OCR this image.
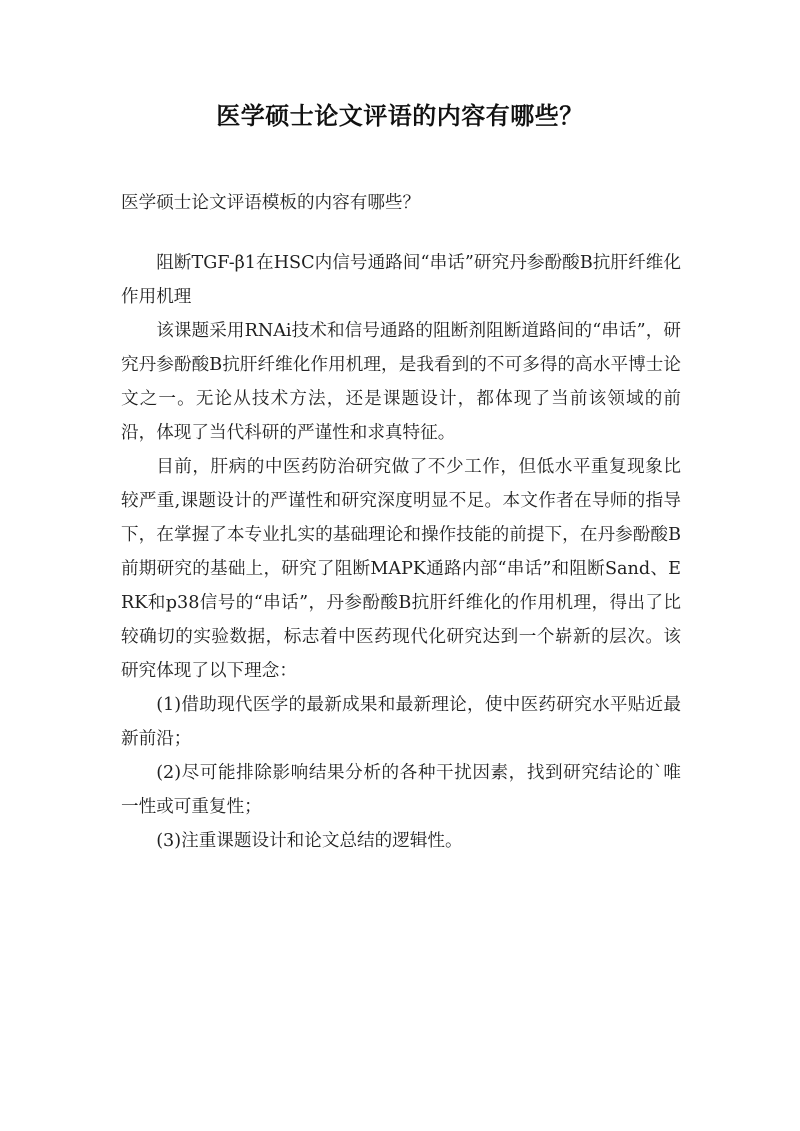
医学硕士论文评语的内容有哪些？

医学硕士论文评语模板的内容有哪些？

阻断TGF-β1在HSC内信号通路间“串话”研究丹参酚酸B抗肝纤维化作用机理

该课题采用RNAi技术和信号通路的阻断剂阻断道路间的“串话”，研究丹参酚酸B抗肝纤维化作用机理，是我看到的不可多得的高水平博士论文之一。无论从技术方法，还是课题设计，都体现了当前该领域的前沿，体现了当代科研的严谨性和求真特征。

目前，肝病的中医药防治研究做了不少工作，但低水平重复现象比较严重,课题设计的严谨性和研究深度明显不足。本文作者在导师的指导下，在掌握了本专业扎实的基础理论和操作技能的前提下，在丹参酚酸B前期研究的基础上，研究了阻断MAPK通路内部“串话”和阻断Sand、ERK和p38信号的“串话”，丹参酚酸B抗肝纤维化的作用机理，得出了比较确切的实验数据，标志着中医药现代化研究达到一个崭新的层次。该研究体现了以下理念：

(1)借助现代医学的最新成果和最新理论，使中医药研究水平贴近最新前沿；

(2)尽可能排除影响结果分析的各种干扰因素，找到研究结论的`唯一性或可重复性；

(3)注重课题设计和论文总结的逻辑性。
